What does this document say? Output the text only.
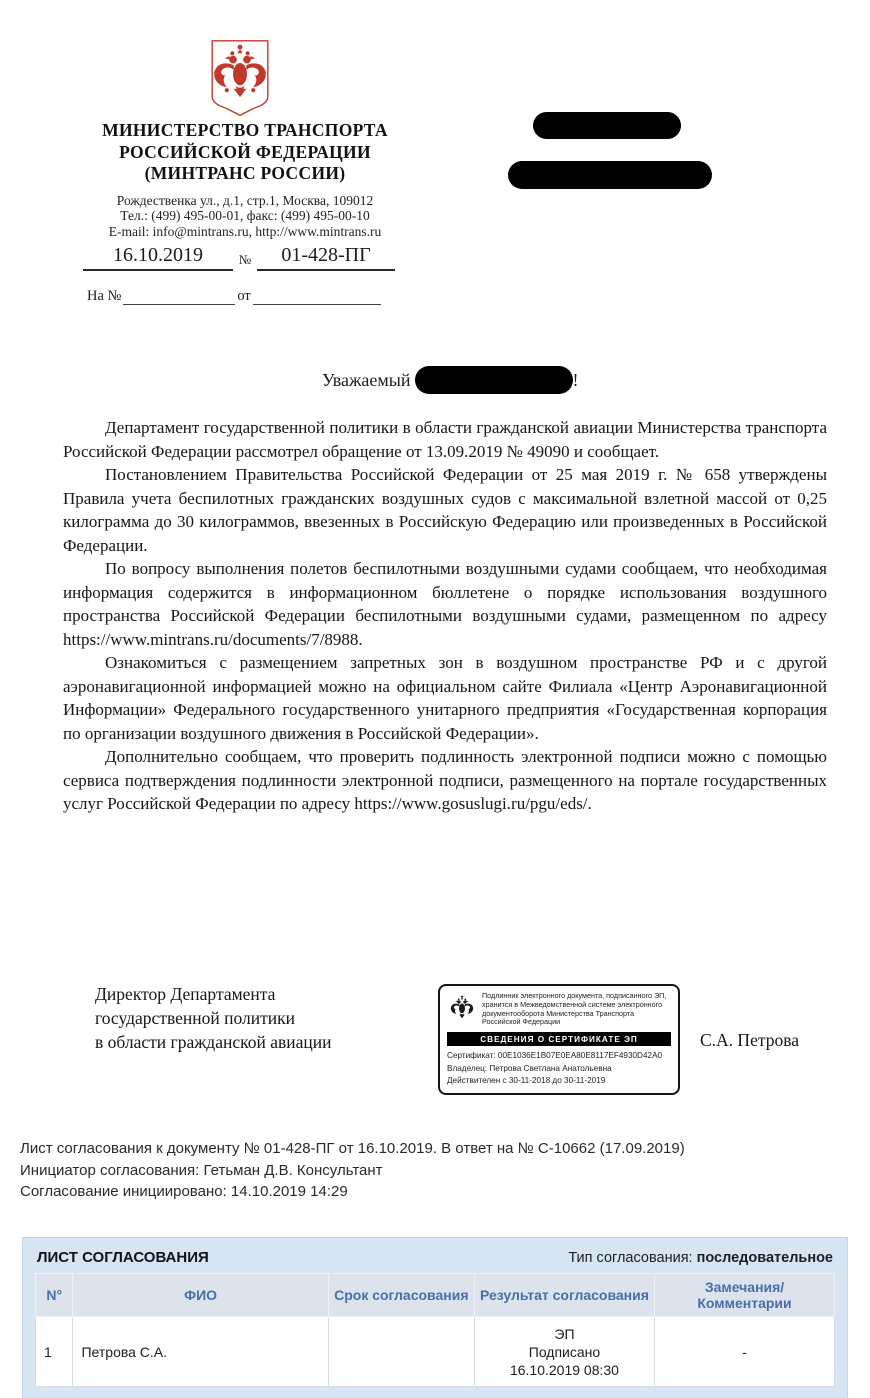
МИНИСТЕРСТВО ТРАНСПОРТА
РОССИЙСКОЙ ФЕДЕРАЦИИ
(МИНТРАНС РОССИИ)
Рождественка ул., д.1, стр.1, Москва, 109012
Тел.: (499) 495-00-01, факс: (499) 495-00-10
E-mail: info@mintrans.ru, http://www.mintrans.ru
16.10.2019	№	01-428-ПГ
На №	от
Уважаемый	!

Департамент государственной политики в области гражданской авиации Министерства транспорта Российской Федерации рассмотрел обращение от 13.09.2019 № 49090 и сообщает.

Постановлением Правительства Российской Федерации от 25 мая 2019 г. № 658 утверждены Правила учета беспилотных гражданских воздушных судов с максимальной взлетной массой от 0,25 килограмма до 30 килограммов, ввезенных в Российскую Федерацию или произведенных в Российской Федерации.

По вопросу выполнения полетов беспилотными воздушными судами сообщаем, что необходимая информация содержится в информационном бюллетене о порядке использования воздушного пространства Российской Федерации беспилотными воздушными судами, размещенном по адресу https://www.mintrans.ru/documents/7/8988.

Ознакомиться с размещением запретных зон в воздушном пространстве РФ и с другой аэронавигационной информацией можно на официальном сайте Филиала «Центр Аэронавигационной Информации» Федерального государственного унитарного предприятия «Государственная корпорация по организации воздушного движения в Российской Федерации».

Дополнительно сообщаем, что проверить подлинность электронной подписи можно с помощью сервиса подтверждения подлинности электронной подписи, размещенного на портале государственных услуг Российской Федерации по адресу https://www.gosuslugi.ru/pgu/eds/.

Директор Департамента
государственной политики
в области гражданской авиации
Подлинник электронного документа, подписанного ЭП, хранится в Межведомственной системе электронного документооборота Министерства Транспорта Российской Федерации
СВЕДЕНИЯ О СЕРТИФИКАТЕ ЭП
Сертификат: 00E1036E1B07E0EA80E8117EF4930D42A0
Владелец: Петрова Светлана Анатольевна
Действителен с 30-11-2018 до 30-11-2019
С.А. Петрова
Лист согласования к документу № 01-428-ПГ от 16.10.2019. В ответ на № С-10662 (17.09.2019)
Инициатор согласования: Гетьман Д.В. Консультант
Согласование инициировано: 14.10.2019 14:29
ЛИСТ СОГЛАСОВАНИЯ	Тип согласования: последовательное
N°	ФИО	Срок согласования	Результат согласования	Замечания/Комментарии
1	Петрова С.А.		ЭП
Подписано
16.10.2019 08:30	-
